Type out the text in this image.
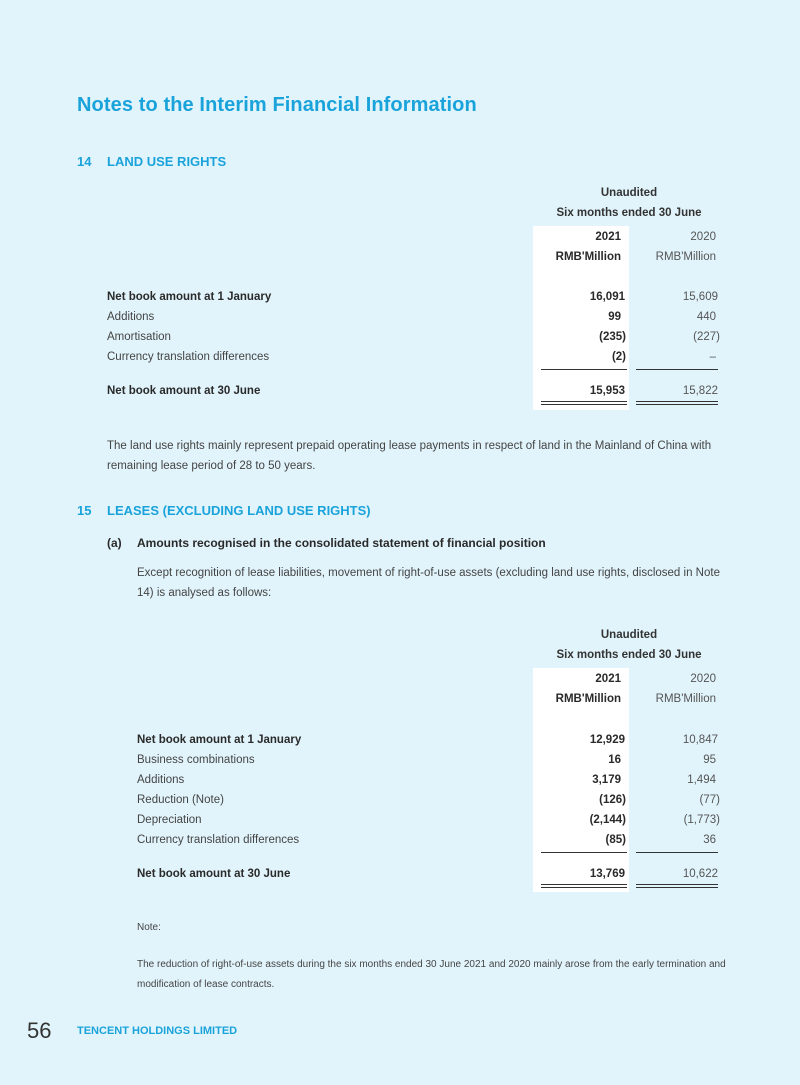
Notes to the Interim Financial Information
14 LAND USE RIGHTS
Unaudited
Six months ended 30 June
2021	2020
RMB'Million	RMB'Million
Net book amount at 1 January	16,091	15,609
Additions	99	440
Amortisation	(235)	(227)
Currency translation differences	(2)	–
Net book amount at 30 June	15,953	15,822

The land use rights mainly represent prepaid operating lease payments in respect of land in the Mainland of China with remaining lease period of 28 to 50 years.

15 LEASES (EXCLUDING LAND USE RIGHTS)
(a) Amounts recognised in the consolidated statement of financial position

Except recognition of lease liabilities, movement of right-of-use assets (excluding land use rights, disclosed in Note 14) is analysed as follows:

Unaudited
Six months ended 30 June
2021	2020
RMB'Million	RMB'Million
Net book amount at 1 January	12,929	10,847
Business combinations	16	95
Additions	3,179	1,494
Reduction (Note)	(126)	(77)
Depreciation	(2,144)	(1,773)
Currency translation differences	(85)	36
Net book amount at 30 June	13,769	10,622
Note:

The reduction of right-of-use assets during the six months ended 30 June 2021 and 2020 mainly arose from the early termination and modification of lease contracts.

56 TENCENT HOLDINGS LIMITED
